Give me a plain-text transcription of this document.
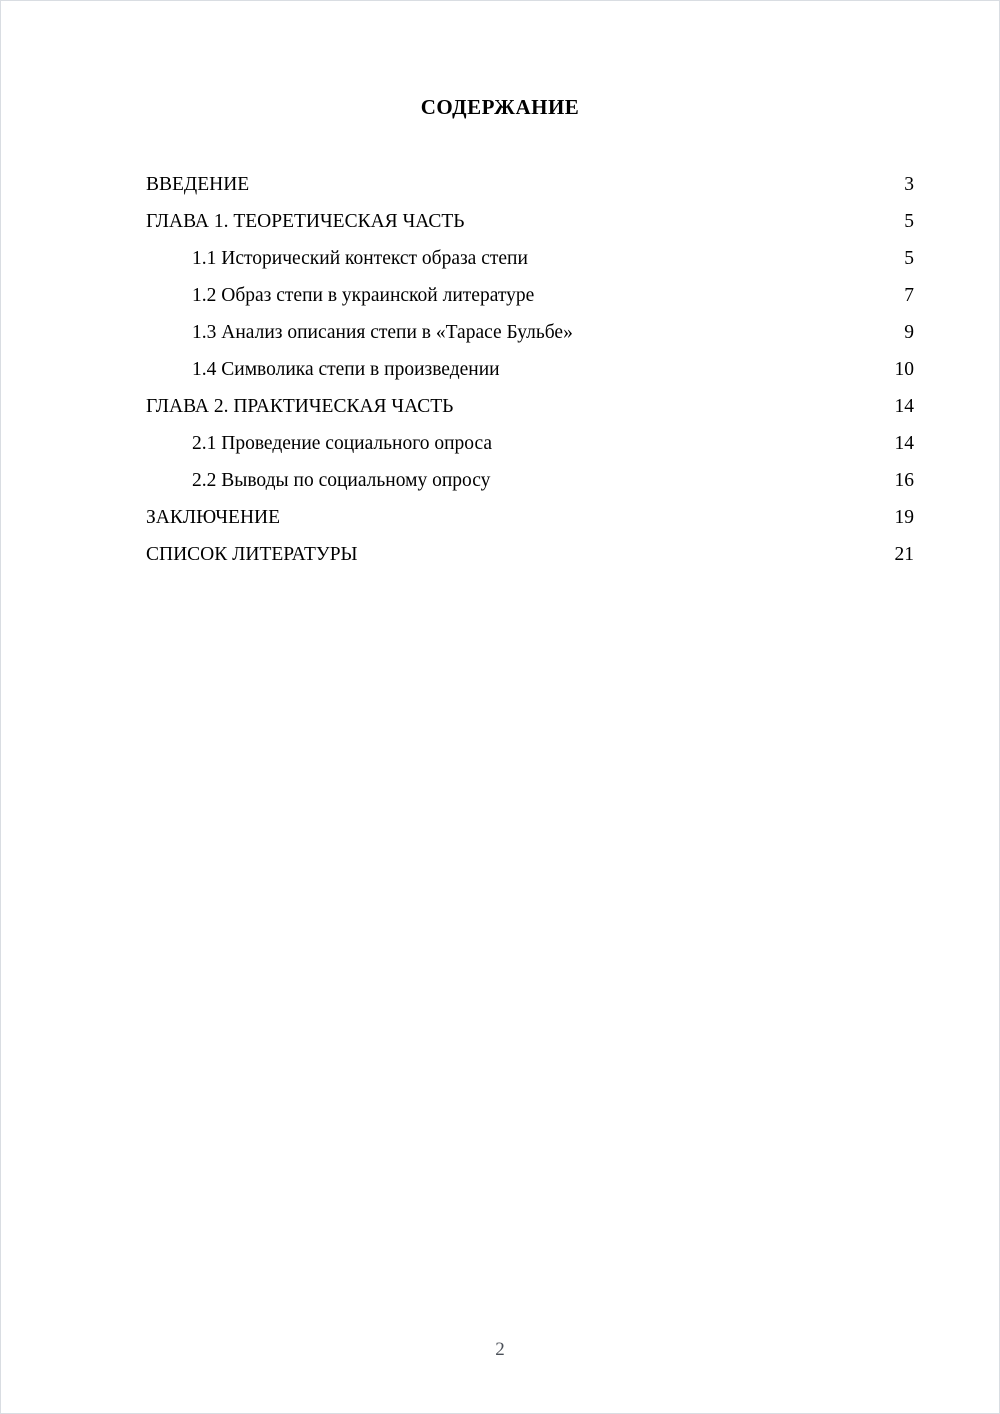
СОДЕРЖАНИЕ
ВВЕДЕНИЕ	3
ГЛАВА 1. ТЕОРЕТИЧЕСКАЯ ЧАСТЬ	5
1.1 Исторический контекст образа степи	5
1.2 Образ степи в украинской литературе	7
1.3 Анализ описания степи в «Тарасе Бульбе»	9
1.4 Символика степи в произведении	10
ГЛАВА 2. ПРАКТИЧЕСКАЯ ЧАСТЬ	14
2.1 Проведение социального опроса	14
2.2 Выводы по социальному опросу	16
ЗАКЛЮЧЕНИЕ	19
СПИСОК ЛИТЕРАТУРЫ	21
2
